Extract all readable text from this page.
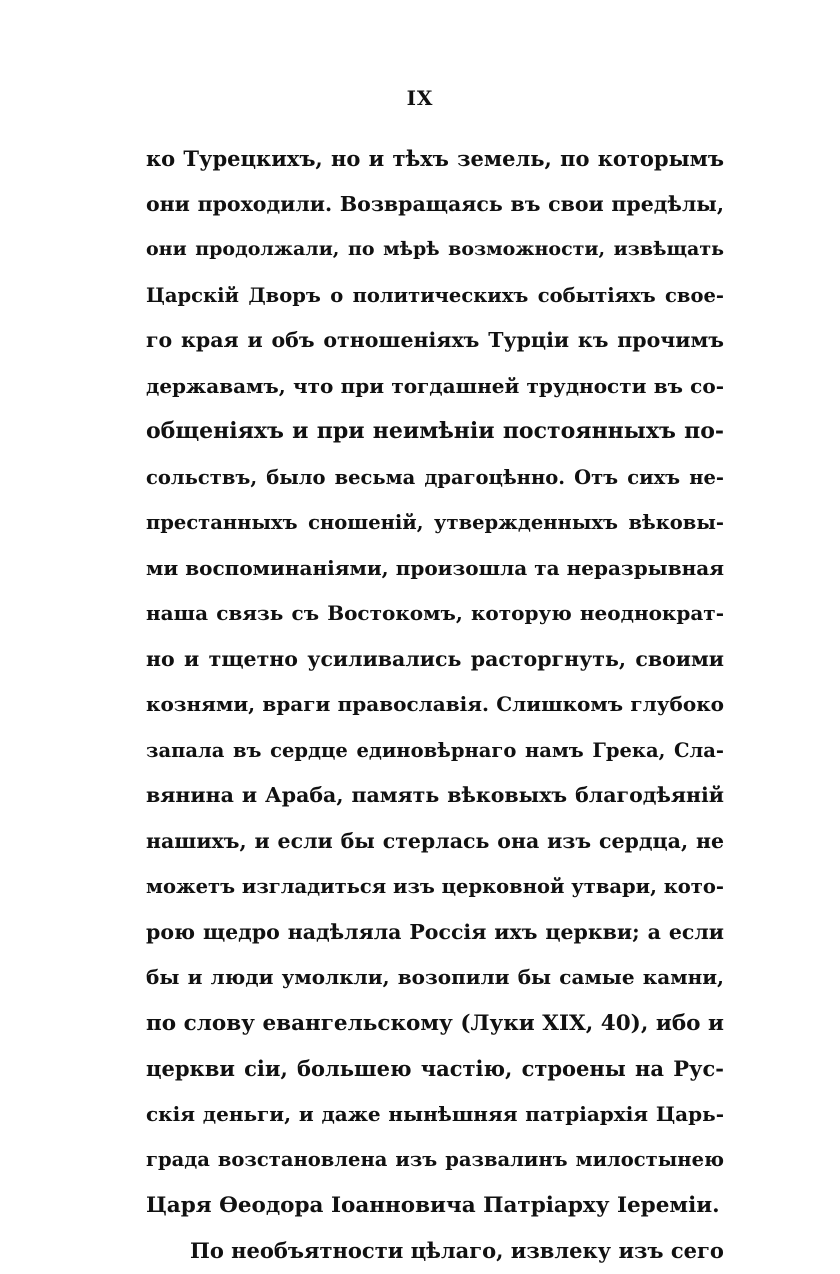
IX
ко Турецкихъ, но и тѣхъ земель, по которымъ
они проходили. Возвращаясь въ свои предѣлы,
они продолжали, по мѣрѣ возможности, извѣщать
Царскій Дворъ о политическихъ событіяхъ свое-
го края и объ отношеніяхъ Турціи къ прочимъ
державамъ, что при тогдашней трудности въ со-
общеніяхъ и при неимѣніи постоянныхъ по-
сольствъ, было весьма драгоцѣнно. Отъ сихъ не-
престанныхъ сношеній, утвержденныхъ вѣковы-
ми воспоминаніями, произошла та неразрывная
наша связь съ Востокомъ, которую неоднократ-
но и тщетно усиливались расторгнуть, своими
кознями, враги православія. Слишкомъ глубоко
запала въ сердце единовѣрнаго намъ Грека, Сла-
вянина и Араба, память вѣковыхъ благодѣяній
нашихъ, и если бы стерлась она изъ сердца, не
можетъ изгладиться изъ церковной утвари, кото-
рою щедро надѣляла Россія ихъ церкви; а если
бы и люди умолкли, возопили бы самые камни,
по слову евангельскому (Луки XIX, 40), ибо и
церкви сіи, большею частію, строены на Рус-
скія деньги, и даже нынѣшняя патріархія Царь-
града возстановлена изъ развалинъ милостынею
Царя Ѳеодора Іоанновича Патріарху Іереміи.
По необъятности цѣлаго, извлеку изъ сего
